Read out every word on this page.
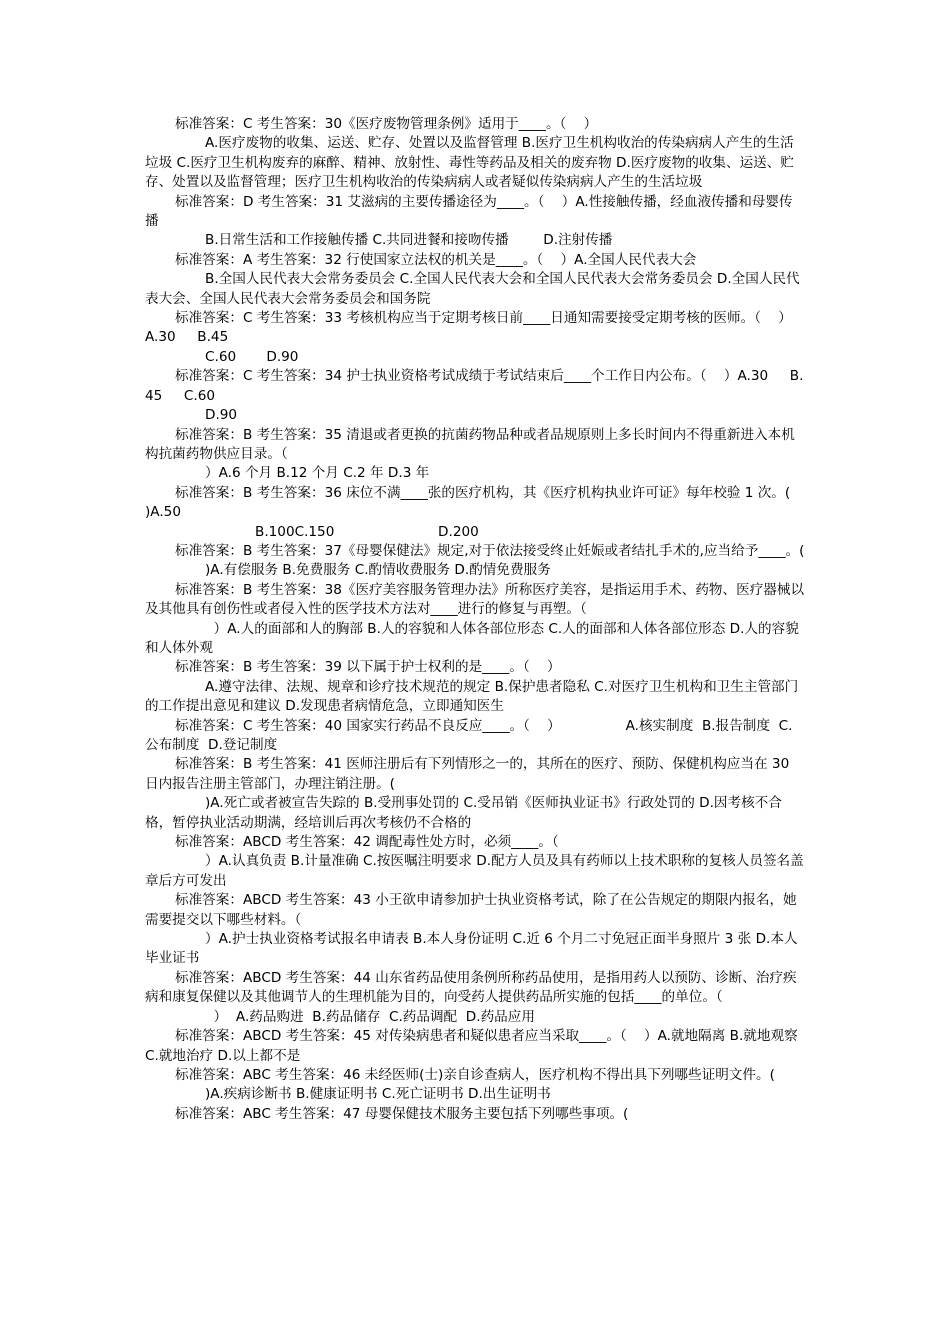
标准答案：C 考生答案：30《医疗废物管理条例》适用于____。（    ）

A.医疗废物的收集、运送、贮存、处置以及监督管理 B.医疗卫生机构收治的传染病病人产生的生活垃圾 C.医疗卫生机构废弃的麻醉、精神、放射性、毒性等药品及相关的废弃物 D.医疗废物的收集、运送、贮存、处置以及监督管理；医疗卫生机构收治的传染病病人或者疑似传染病病人产生的生活垃圾

标准答案：D 考生答案：31 艾滋病的主要传播途径为____。（    ）A.性接触传播，经血液传播和母婴传播

B.日常生活和工作接触传播 C.共同进餐和接吻传播        D.注射传播

标准答案：A 考生答案：32 行使国家立法权的机关是____。（    ）A.全国人民代表大会

B.全国人民代表大会常务委员会 C.全国人民代表大会和全国人民代表大会常务委员会 D.全国人民代表大会、全国人民代表大会常务委员会和国务院

标准答案：C 考生答案：33 考核机构应当于定期考核日前____日通知需要接受定期考核的医师。（    ）A.30     B.45

C.60       D.90

标准答案：C 考生答案：34 护士执业资格考试成绩于考试结束后____个工作日内公布。（    ）A.30     B.45     C.60

D.90

标准答案：B 考生答案：35 清退或者更换的抗菌药物品种或者品规原则上多长时间内不得重新进入本机构抗菌药物供应目录。（

）A.6 个月 B.12 个月 C.2 年 D.3 年

标准答案：B 考生答案：36 床位不满____张的医疗机构，其《医疗机构执业许可证》每年校验 1 次。(    )A.50

B.100C.150                        D.200

标准答案：B 考生答案：37《母婴保健法》规定,对于依法接受终止妊娠或者结扎手术的,应当给予____。(

)A.有偿服务 B.免费服务 C.酌情收费服务 D.酌情免费服务

标准答案：B 考生答案：38《医疗美容服务管理办法》所称医疗美容，是指运用手术、药物、医疗器械以及其他具有创伤性或者侵入性的医学技术方法对____进行的修复与再塑。（

）A.人的面部和人的胸部 B.人的容貌和人体各部位形态 C.人的面部和人体各部位形态 D.人的容貌和人体外观

标准答案：B 考生答案：39 以下属于护士权利的是____。（    ）

A.遵守法律、法规、规章和诊疗技术规范的规定 B.保护患者隐私 C.对医疗卫生机构和卫生主管部门的工作提出意见和建议 D.发现患者病情危急，立即通知医生

标准答案：C 考生答案：40 国家实行药品不良反应____。（    ）               A.核实制度  B.报告制度  C.公布制度  D.登记制度

标准答案：B 考生答案：41 医师注册后有下列情形之一的，其所在的医疗、预防、保健机构应当在 30 日内报告注册主管部门，办理注销注册。(

)A.死亡或者被宣告失踪的 B.受刑事处罚的 C.受吊销《医师执业证书》行政处罚的 D.因考核不合格，暂停执业活动期满，经培训后再次考核仍不合格的

标准答案：ABCD 考生答案：42 调配毒性处方时，必须____。（

）A.认真负责 B.计量准确 C.按医嘱注明要求 D.配方人员及具有药师以上技术职称的复核人员签名盖章后方可发出

标准答案：ABCD 考生答案：43 小王欲申请参加护士执业资格考试，除了在公告规定的期限内报名，她需要提交以下哪些材料。（

）A.护士执业资格考试报名申请表 B.本人身份证明 C.近 6 个月二寸免冠正面半身照片 3 张 D.本人毕业证书

标准答案：ABCD 考生答案：44 山东省药品使用条例所称药品使用，是指用药人以预防、诊断、治疗疾病和康复保健以及其他调节人的生理机能为目的，向受药人提供药品所实施的包括____的单位。（

）  A.药品购进  B.药品储存  C.药品调配  D.药品应用

标准答案：ABCD 考生答案：45 对传染病患者和疑似患者应当采取____。（    ）A.就地隔离 B.就地观察 C.就地治疗 D.以上都不是

标准答案：ABC 考生答案：46 未经医师(士)亲自诊查病人，医疗机构不得出具下列哪些证明文件。(

)A.疾病诊断书 B.健康证明书 C.死亡证明书 D.出生证明书

标准答案：ABC 考生答案：47 母婴保健技术服务主要包括下列哪些事项。(
